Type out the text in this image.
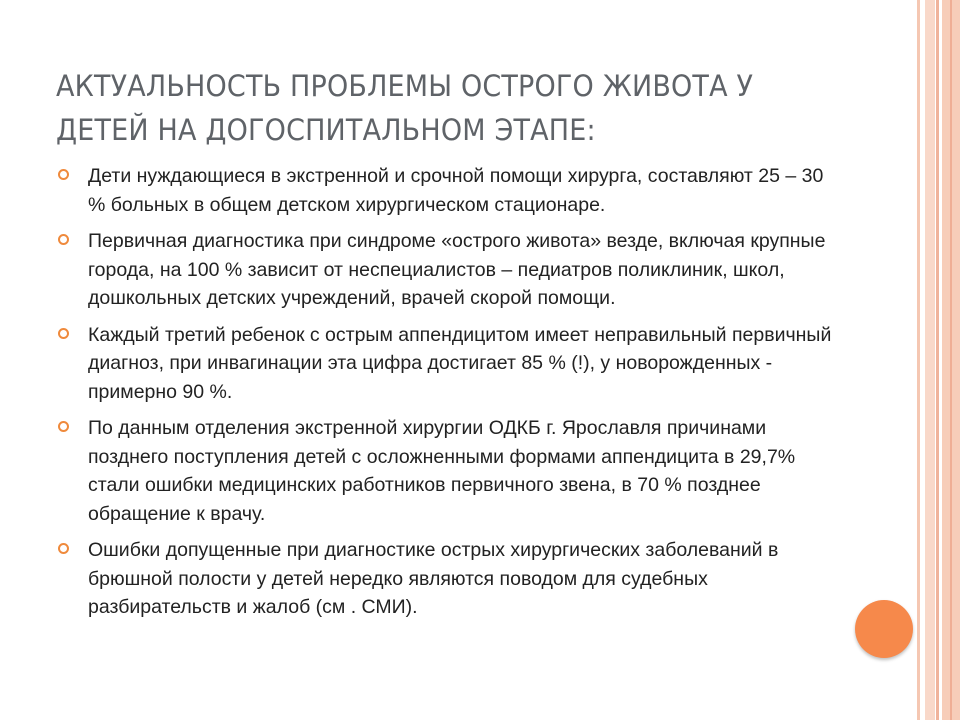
АКТУАЛЬНОСТЬ ПРОБЛЕМЫ ОСТРОГО ЖИВОТА У ДЕТЕЙ НА ДОГОСПИТАЛЬНОМ ЭТАПЕ:
Дети нуждающиеся в экстренной и срочной помощи хирурга, составляют 25 – 30 % больных в общем детском хирургическом стационаре.
Первичная диагностика при синдроме «острого живота» везде, включая крупные города, на 100 % зависит от неспециалистов – педиатров поликлиник, школ, дошкольных детских учреждений, врачей скорой помощи.
Каждый третий ребенок с острым аппендицитом имеет неправильный первичный диагноз, при инвагинации эта цифра достигает 85 % (!), у новорожденных - примерно 90 %.
По данным отделения экстренной хирургии ОДКБ г. Ярославля причинами позднего поступления детей с осложненными формами аппендицита в 29,7% стали ошибки медицинских работников первичного звена, в 70 % позднее обращение к врачу.
Ошибки допущенные при диагностике острых хирургических заболеваний в брюшной полости у детей нередко являются поводом для судебных разбирательств и жалоб (см . СМИ).
